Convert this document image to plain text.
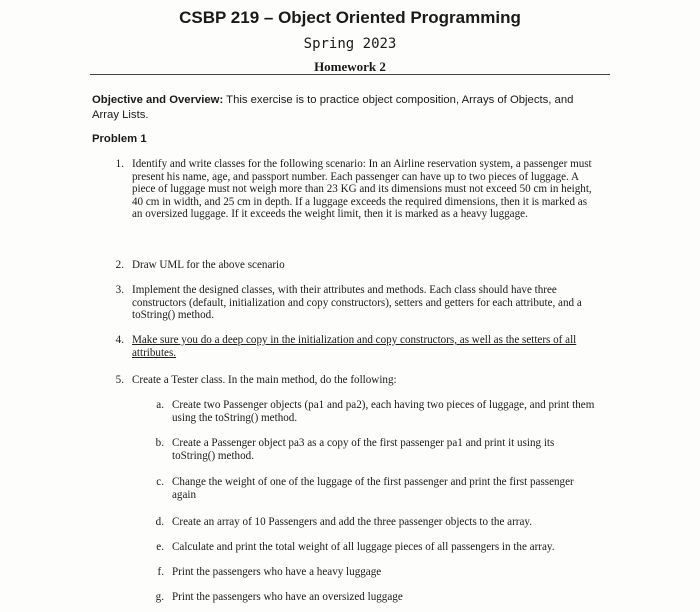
CSBP 219 – Object Oriented Programming
Spring 2023
Homework 2
Objective and Overview: This exercise is to practice object composition, Arrays of Objects, and Array Lists.
Problem 1
1. Identify and write classes for the following scenario: In an Airline reservation system, a passenger must present his name, age, and passport number. Each passenger can have up to two pieces of luggage. A piece of luggage must not weigh more than 23 KG and its dimensions must not exceed 50 cm in height, 40 cm in width, and 25 cm in depth. If a luggage exceeds the required dimensions, then it is marked as an oversized luggage. If it exceeds the weight limit, then it is marked as a heavy luggage.
2. Draw UML for the above scenario
3. Implement the designed classes, with their attributes and methods. Each class should have three constructors (default, initialization and copy constructors), setters and getters for each attribute, and a toString() method.
4. Make sure you do a deep copy in the initialization and copy constructors, as well as the setters of all attributes.
5. Create a Tester class. In the main method, do the following:
a. Create two Passenger objects (pa1 and pa2), each having two pieces of luggage, and print them using the toString() method.
b. Create a Passenger object pa3 as a copy of the first passenger pa1 and print it using its toString() method.
c. Change the weight of one of the luggage of the first passenger and print the first passenger again
d. Create an array of 10 Passengers and add the three passenger objects to the array.
e. Calculate and print the total weight of all luggage pieces of all passengers in the array.
f. Print the passengers who have a heavy luggage
g. Print the passengers who have an oversized luggage
